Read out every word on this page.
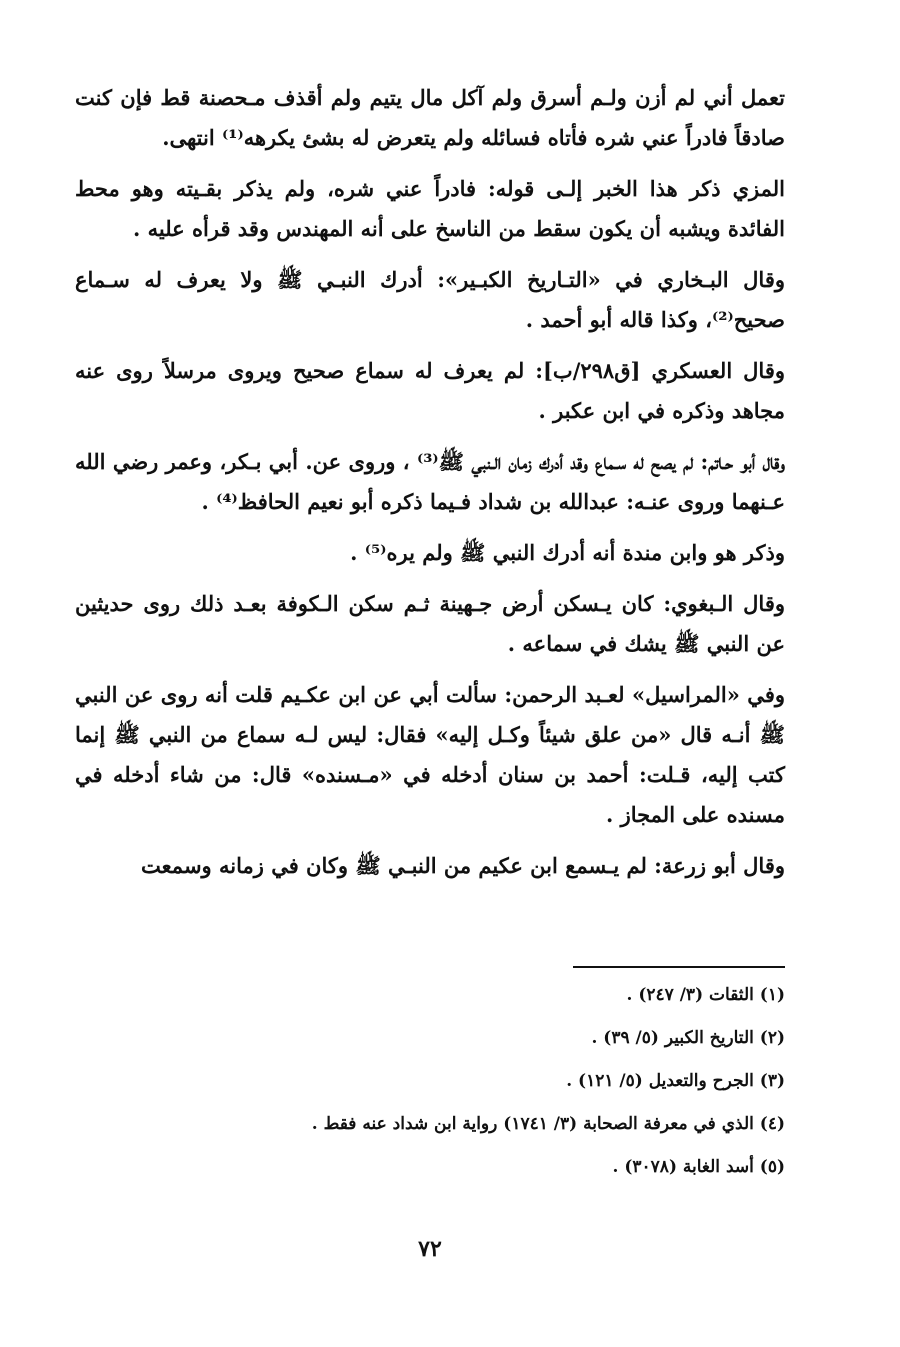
تعمل أني لم أزن ولـم أسرق ولم آكل مال يتيم ولم أقذف مـحصنة قط فإن كنت صادقاً فادراً عني شره فأتاه فسائله ولم يتعرض له بشئ يكرهه⁽¹⁾ انتهى.

المزي ذكر هذا الخبر إلـى قوله: فادراً عني شره، ولم يذكر بقـيته وهو محط الفائدة ويشبه أن يكون سقط من الناسخ على أنه المهندس وقد قرأه عليه .

وقال البـخاري في «التـاريخ الكبـير»: أدرك النبـي ﷺ ولا يعرف له سـماع صحيح⁽²⁾، وكذا قاله أبو أحمد .

وقال العسكري [ق٢٩٨/ب]: لم يعرف له سماع صحيح ويروى مرسلاً روى عنه مجاهد وذكره في ابن عكبر .

وقال أبو حـاتم: لم يصح له سـماع وقد أدرك زمان الـنبي ﷺ⁽³⁾ ، وروى عن. أبي بـكر، وعمر رضي الله عـنهما وروى عنـه: عبدالله بن شداد فـيما ذكره أبو نعيم الحافظ⁽⁴⁾ .

وذكر هو وابن مندة أنه أدرك النبي ﷺ ولم يره⁽⁵⁾ .

وقال الـبغوي: كان يـسكن أرض جـهينة ثـم سكن الـكوفة بعـد ذلك روى حديثين عن النبي ﷺ يشك في سماعه .

وفي «المراسيل» لعـبد الرحمن: سألت أبي عن ابن عكـيم قلت أنه روى عن النبي ﷺ أنـه قال «من علق شيئاً وكـل إليه» فقال: ليس لـه سماع من النبي ﷺ إنما كتب إليه، قـلت: أحمد بن سنان أدخله في «مـسنده» قال: من شاء أدخله في مسنده على المجاز .

وقال أبو زرعة: لم يـسمع ابن عكيم من النبـي ﷺ وكان في زمانه وسمعت

(١) الثقات (٣/ ٢٤٧) .

(٢) التاريخ الكبير (٥/ ٣٩) .

(٣) الجرح والتعديل (٥/ ١٢١) .

(٤) الذي في معرفة الصحابة (٣/ ١٧٤١) رواية ابن شداد عنه فقط .

(٥) أسد الغابة (٣٠٧٨) .

٧٢
